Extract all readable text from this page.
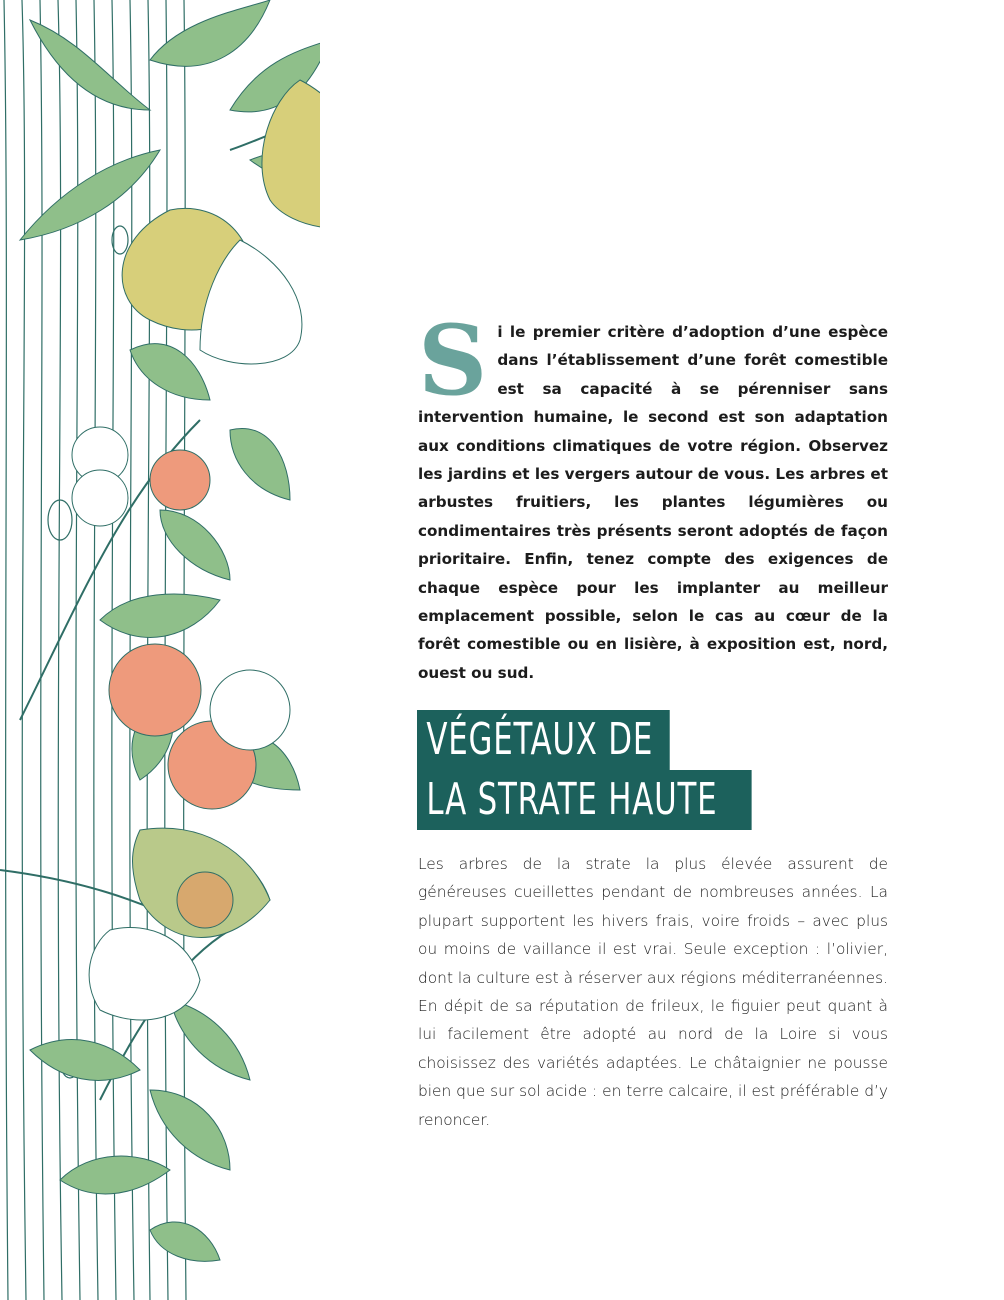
Si le premier critère d’adoption d’une espèce dans l’établissement d’une forêt comestible est sa capacité à se pérenniser sans intervention humaine, le second est son adaptation aux conditions climatiques de votre région. Observez les jardins et les vergers autour de vous. Les arbres et arbustes fruitiers, les plantes légumières ou condimentaires très présents seront adoptés de façon prioritaire. Enfin, tenez compte des exigences de chaque espèce pour les implanter au meilleur emplacement possible, selon le cas au cœur de la forêt comestible ou en lisière, à exposition est, nord, ouest ou sud.

VÉGÉTAUX DE
LA STRATE HAUTE

Les arbres de la strate la plus élevée assurent de généreuses cueillettes pendant de nombreuses années. La plupart supportent les hivers frais, voire froids – avec plus ou moins de vaillance il est vrai. Seule exception : l’olivier, dont la culture est à réserver aux régions méditerranéennes. En dépit de sa réputation de frileux, le figuier peut quant à lui facilement être adopté au nord de la Loire si vous choisissez des variétés adaptées. Le châtaignier ne pousse bien que sur sol acide : en terre calcaire, il est préférable d’y renoncer.
